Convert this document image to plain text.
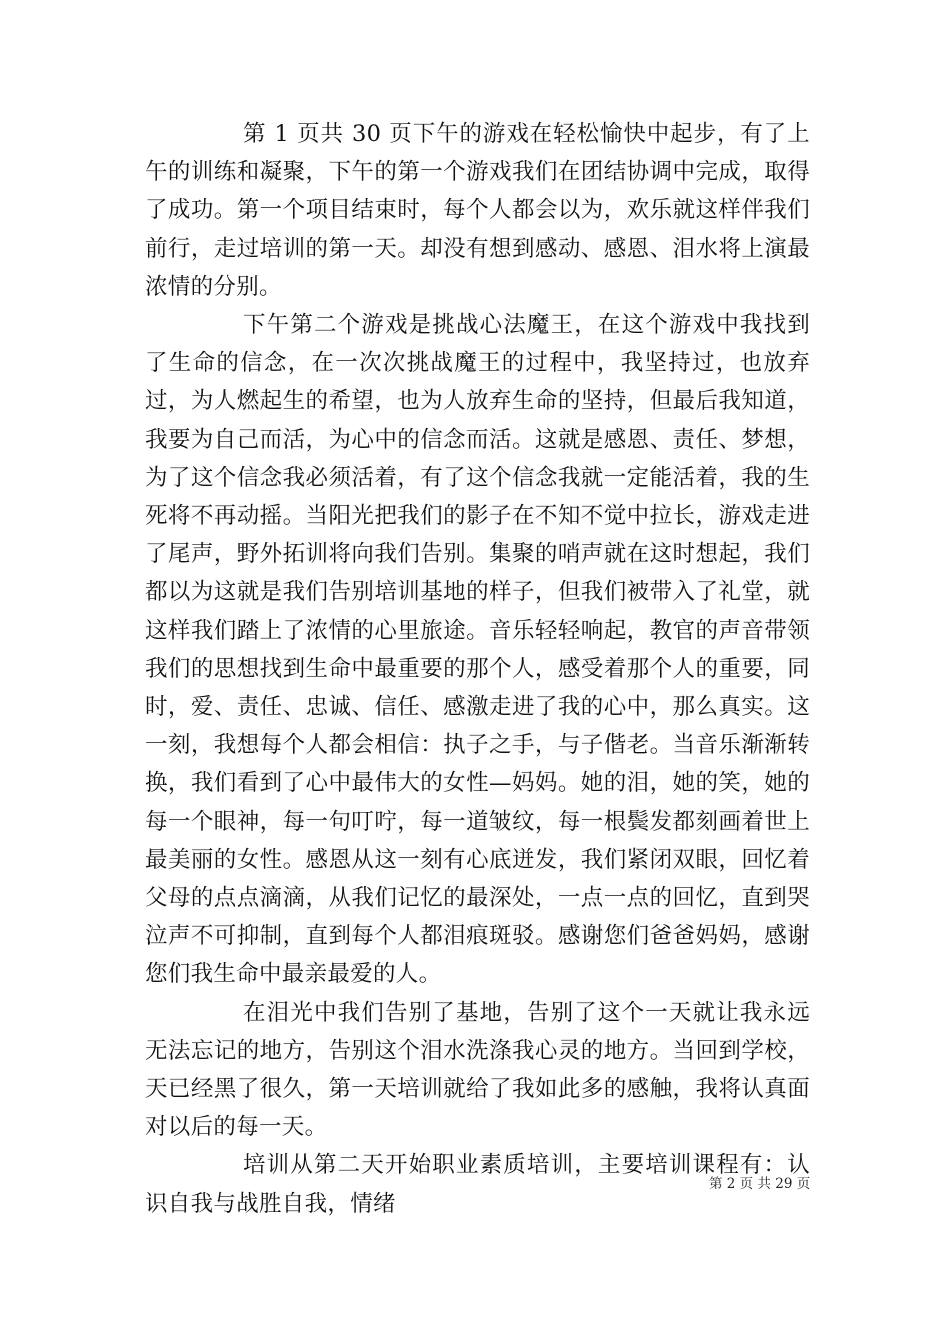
第 1 页共 30 页下午的游戏在轻松愉快中起步，有了上午的训练和凝聚，下午的第一个游戏我们在团结协调中完成，取得了成功。第一个项目结束时，每个人都会以为，欢乐就这样伴我们前行，走过培训的第一天。却没有想到感动、感恩、泪水将上演最浓情的分别。

下午第二个游戏是挑战心法魔王，在这个游戏中我找到了生命的信念，在一次次挑战魔王的过程中，我坚持过，也放弃过，为人燃起生的希望，也为人放弃生命的坚持，但最后我知道，我要为自己而活，为心中的信念而活。这就是感恩、责任、梦想，为了这个信念我必须活着，有了这个信念我就一定能活着，我的生死将不再动摇。当阳光把我们的影子在不知不觉中拉长，游戏走进了尾声，野外拓训将向我们告别。集聚的哨声就在这时想起，我们都以为这就是我们告别培训基地的样子，但我们被带入了礼堂，就这样我们踏上了浓情的心里旅途。音乐轻轻响起，教官的声音带领我们的思想找到生命中最重要的那个人，感受着那个人的重要，同时，爱、责任、忠诚、信任、感激走进了我的心中，那么真实。这一刻，我想每个人都会相信：执子之手，与子偕老。当音乐渐渐转换，我们看到了心中最伟大的女性—妈妈。她的泪，她的笑，她的每一个眼神，每一句叮咛，每一道皱纹，每一根鬓发都刻画着世上最美丽的女性。感恩从这一刻有心底迸发，我们紧闭双眼，回忆着父母的点点滴滴，从我们记忆的最深处，一点一点的回忆，直到哭泣声不可抑制，直到每个人都泪痕斑驳。感谢您们爸爸妈妈，感谢您们我生命中最亲最爱的人。

在泪光中我们告别了基地，告别了这个一天就让我永远无法忘记的地方，告别这个泪水洗涤我心灵的地方。当回到学校，天已经黑了很久，第一天培训就给了我如此多的感触，我将认真面对以后的每一天。

培训从第二天开始职业素质培训，主要培训课程有：认识自我与战胜自我，情绪

第 2 页 共 29 页
